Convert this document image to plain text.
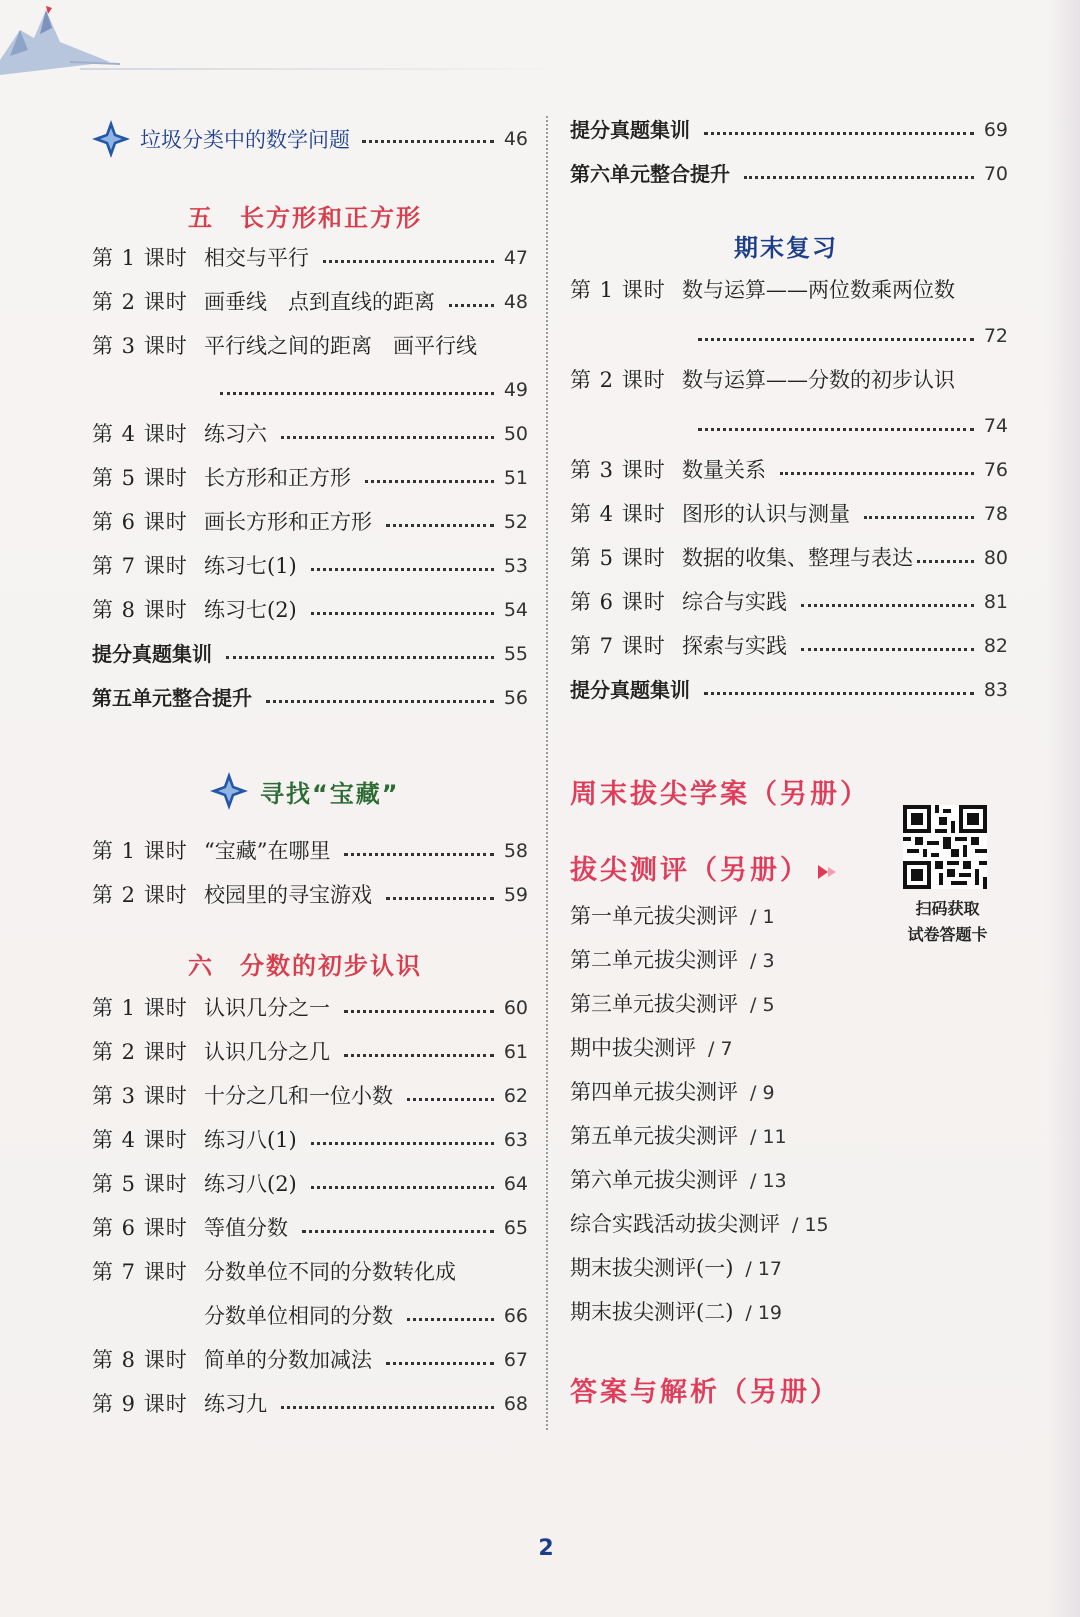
垃圾分类中的数学问题	46
五　长方形和正方形
第 1 课时 相交与平行	47
第 2 课时 画垂线　点到直线的距离	48
第 3 课时 平行线之间的距离　画平行线
49
第 4 课时 练习六	50
第 5 课时 长方形和正方形	51
第 6 课时 画长方形和正方形	52
第 7 课时 练习七(1)	53
第 8 课时 练习七(2)	54
提分真题集训	55
第五单元整合提升	56
寻找“宝藏”
第 1 课时 “宝藏”在哪里	58
第 2 课时 校园里的寻宝游戏	59
六　分数的初步认识
第 1 课时 认识几分之一	60
第 2 课时 认识几分之几	61
第 3 课时 十分之几和一位小数	62
第 4 课时 练习八(1)	63
第 5 课时 练习八(2)	64
第 6 课时 等值分数	65
第 7 课时 分数单位不同的分数转化成
分数单位相同的分数	66
第 8 课时 简单的分数加减法	67
第 9 课时 练习九	68
提分真题集训	69
第六单元整合提升	70
期末复习
第 1 课时 数与运算——两位数乘两位数
72
第 2 课时 数与运算——分数的初步认识
74
第 3 课时 数量关系	76
第 4 课时 图形的认识与测量	78
第 5 课时 数据的收集、整理与表达	80
第 6 课时 综合与实践	81
第 7 课时 探索与实践	82
提分真题集训	83
周末拔尖学案（另册）
拔尖测评（另册）
第一单元拔尖测评 / 1
第二单元拔尖测评 / 3
第三单元拔尖测评 / 5
期中拔尖测评 / 7
第四单元拔尖测评 / 9
第五单元拔尖测评 / 11
第六单元拔尖测评 / 13
综合实践活动拔尖测评 / 15
期末拔尖测评(一) / 17
期末拔尖测评(二) / 19
答案与解析（另册）
扫码获取
试卷答题卡
2
